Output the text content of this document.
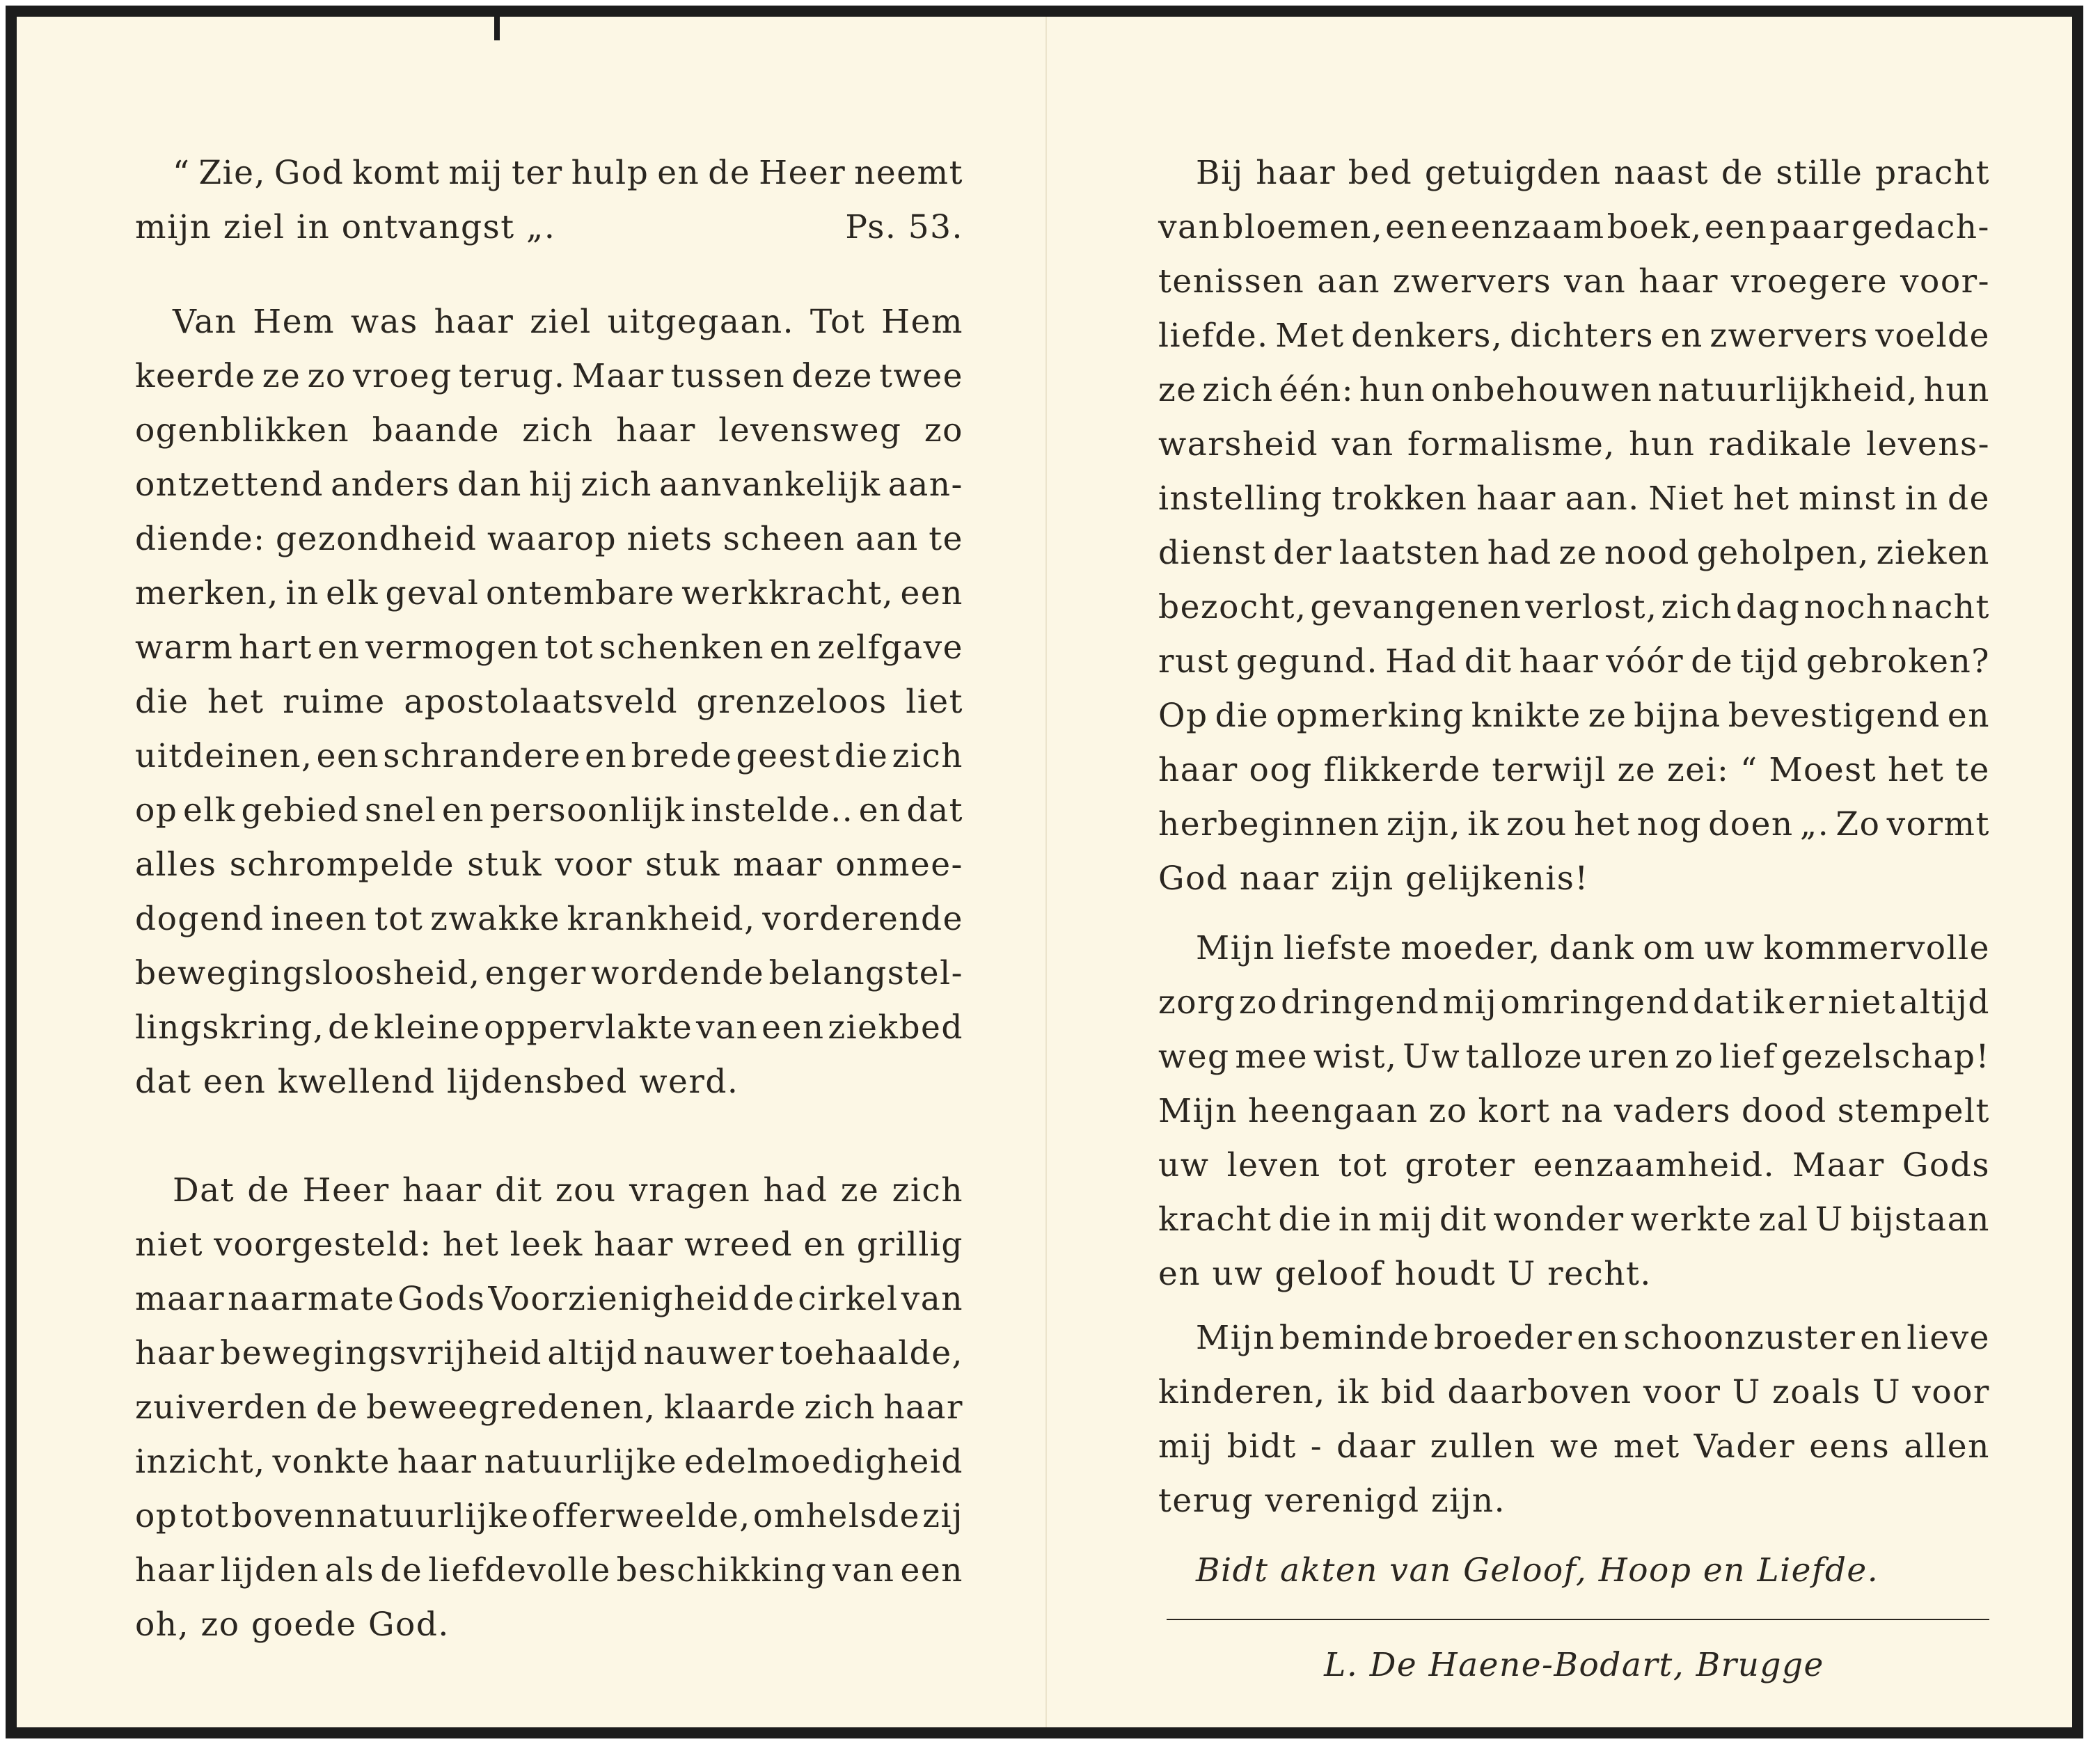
“ Zie, God komt mij ter hulp en de Heer neemt
mijn ziel in ontvangst „.	Ps. 53.
Van Hem was haar ziel uitgegaan. Tot Hem
keerde ze zo vroeg terug. Maar tussen deze twee
ogenblikken baande zich haar levensweg zo
ontzettend anders dan hij zich aanvankelijk aan-
diende: gezondheid waarop niets scheen aan te
merken, in elk geval ontembare werkkracht, een
warm hart en vermogen tot schenken en zelfgave
die het ruime apostolaatsveld grenzeloos liet
uitdeinen, een schrandere en brede geest die zich
op elk gebied snel en persoonlijk instelde.. en dat
alles schrompelde stuk voor stuk maar onmee-
dogend ineen tot zwakke krankheid, vorderende
bewegingsloosheid, enger wordende belangstel-
lingskring, de kleine oppervlakte van een ziekbed
dat een kwellend lijdensbed werd.
Dat de Heer haar dit zou vragen had ze zich
niet voorgesteld: het leek haar wreed en grillig
maar naarmate Gods Voorzienigheid de cirkel van
haar bewegingsvrijheid altijd nauwer toehaalde,
zuiverden de beweegredenen, klaarde zich haar
inzicht, vonkte haar natuurlijke edelmoedigheid
op tot bovennatuurlijke offerweelde, omhelsde zij
haar lijden als de liefdevolle beschikking van een
oh, zo goede God.
Bij haar bed getuigden naast de stille pracht
van bloemen, een eenzaam boek, een paar gedach-
tenissen aan zwervers van haar vroegere voor-
liefde. Met denkers, dichters en zwervers voelde
ze zich één: hun onbehouwen natuurlijkheid, hun
warsheid van formalisme, hun radikale levens-
instelling trokken haar aan. Niet het minst in de
dienst der laatsten had ze nood geholpen, zieken
bezocht, gevangenen verlost, zich dag noch nacht
rust gegund. Had dit haar vóór de tijd gebroken?
Op die opmerking knikte ze bijna bevestigend en
haar oog flikkerde terwijl ze zei: “ Moest het te
herbeginnen zijn, ik zou het nog doen „. Zo vormt
God naar zijn gelijkenis!
Mijn liefste moeder, dank om uw kommervolle
zorg zo dringend mij omringend dat ik er niet altijd
weg mee wist, Uw talloze uren zo lief gezelschap!
Mijn heengaan zo kort na vaders dood stempelt
uw leven tot groter eenzaamheid. Maar Gods
kracht die in mij dit wonder werkte zal U bijstaan
en uw geloof houdt U recht.
Mijn beminde broeder en schoonzuster en lieve
kinderen, ik bid daarboven voor U zoals U voor
mij bidt - daar zullen we met Vader eens allen
terug verenigd zijn.
Bidt akten van Geloof, Hoop en Liefde.
L. De Haene-Bodart, Brugge
